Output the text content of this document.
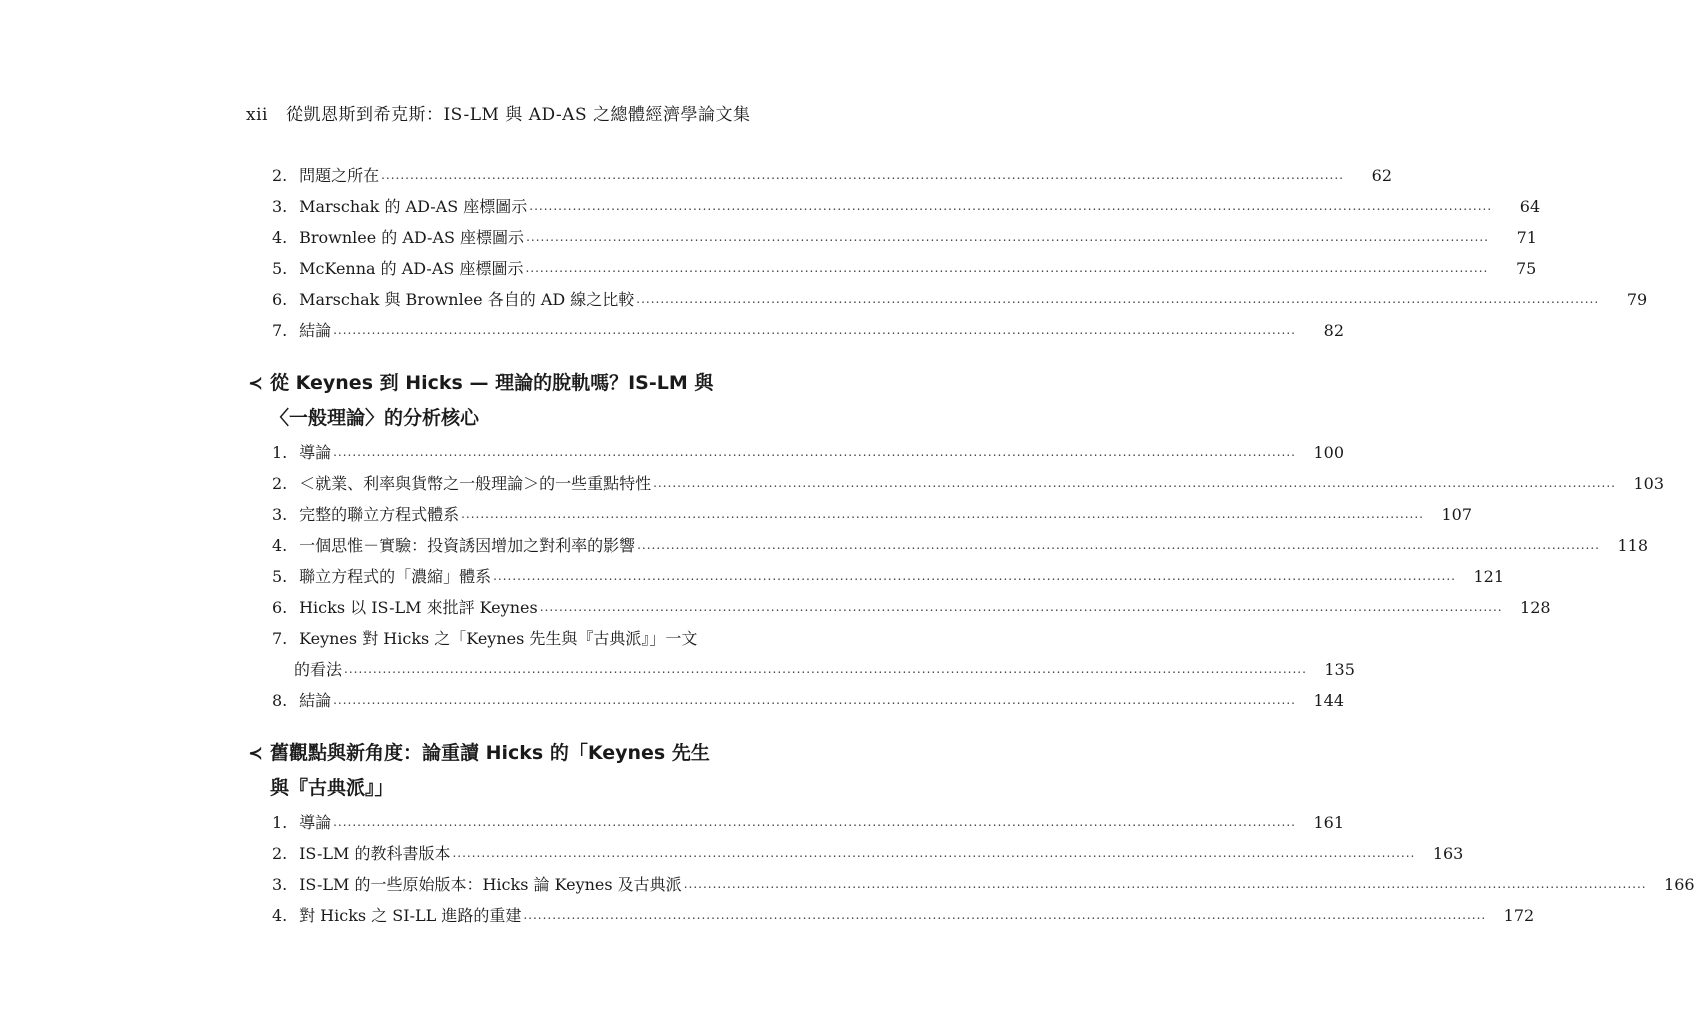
xii 從凱恩斯到希克斯：IS-LM 與 AD-AS 之總體經濟學論文集
2. 問題之所在 ........................................................................................................................................................................................................	62
3. Marschak 的 AD-AS 座標圖示 ........................................................................................................................................................................................................	64
4. Brownlee 的 AD-AS 座標圖示 ........................................................................................................................................................................................................	71
5. McKenna 的 AD-AS 座標圖示 ........................................................................................................................................................................................................	75
6. Marschak 與 Brownlee 各自的 AD 線之比較 ........................................................................................................................................................................................................	79
7. 結論 ........................................................................................................................................................................................................	82
≺ 從 Keynes 到 Hicks — 理論的脫軌嗎？IS-LM 與
〈一般理論〉的分析核心
1. 導論 ........................................................................................................................................................................................................	100
2. ＜就業、利率與貨幣之一般理論＞的一些重點特性 ........................................................................................................................................................................................................	103
3. 完整的聯立方程式體系 ........................................................................................................................................................................................................	107
4. 一個思惟－實驗：投資誘因增加之對利率的影響 ........................................................................................................................................................................................................	118
5. 聯立方程式的「濃縮」體系 ........................................................................................................................................................................................................	121
6. Hicks 以 IS-LM 來批評 Keynes ........................................................................................................................................................................................................	128
7. Keynes 對 Hicks 之「Keynes 先生與『古典派』」一文
的看法 ........................................................................................................................................................................................................	135
8. 結論 ........................................................................................................................................................................................................	144
≺ 舊觀點與新角度：論重讀 Hicks 的「Keynes 先生
與『古典派』」
1. 導論 ........................................................................................................................................................................................................	161
2. IS-LM 的教科書版本 ........................................................................................................................................................................................................	163
3. IS-LM 的一些原始版本：Hicks 論 Keynes 及古典派 ........................................................................................................................................................................................................	166
4. 對 Hicks 之 SI-LL 進路的重建 ........................................................................................................................................................................................................	172
